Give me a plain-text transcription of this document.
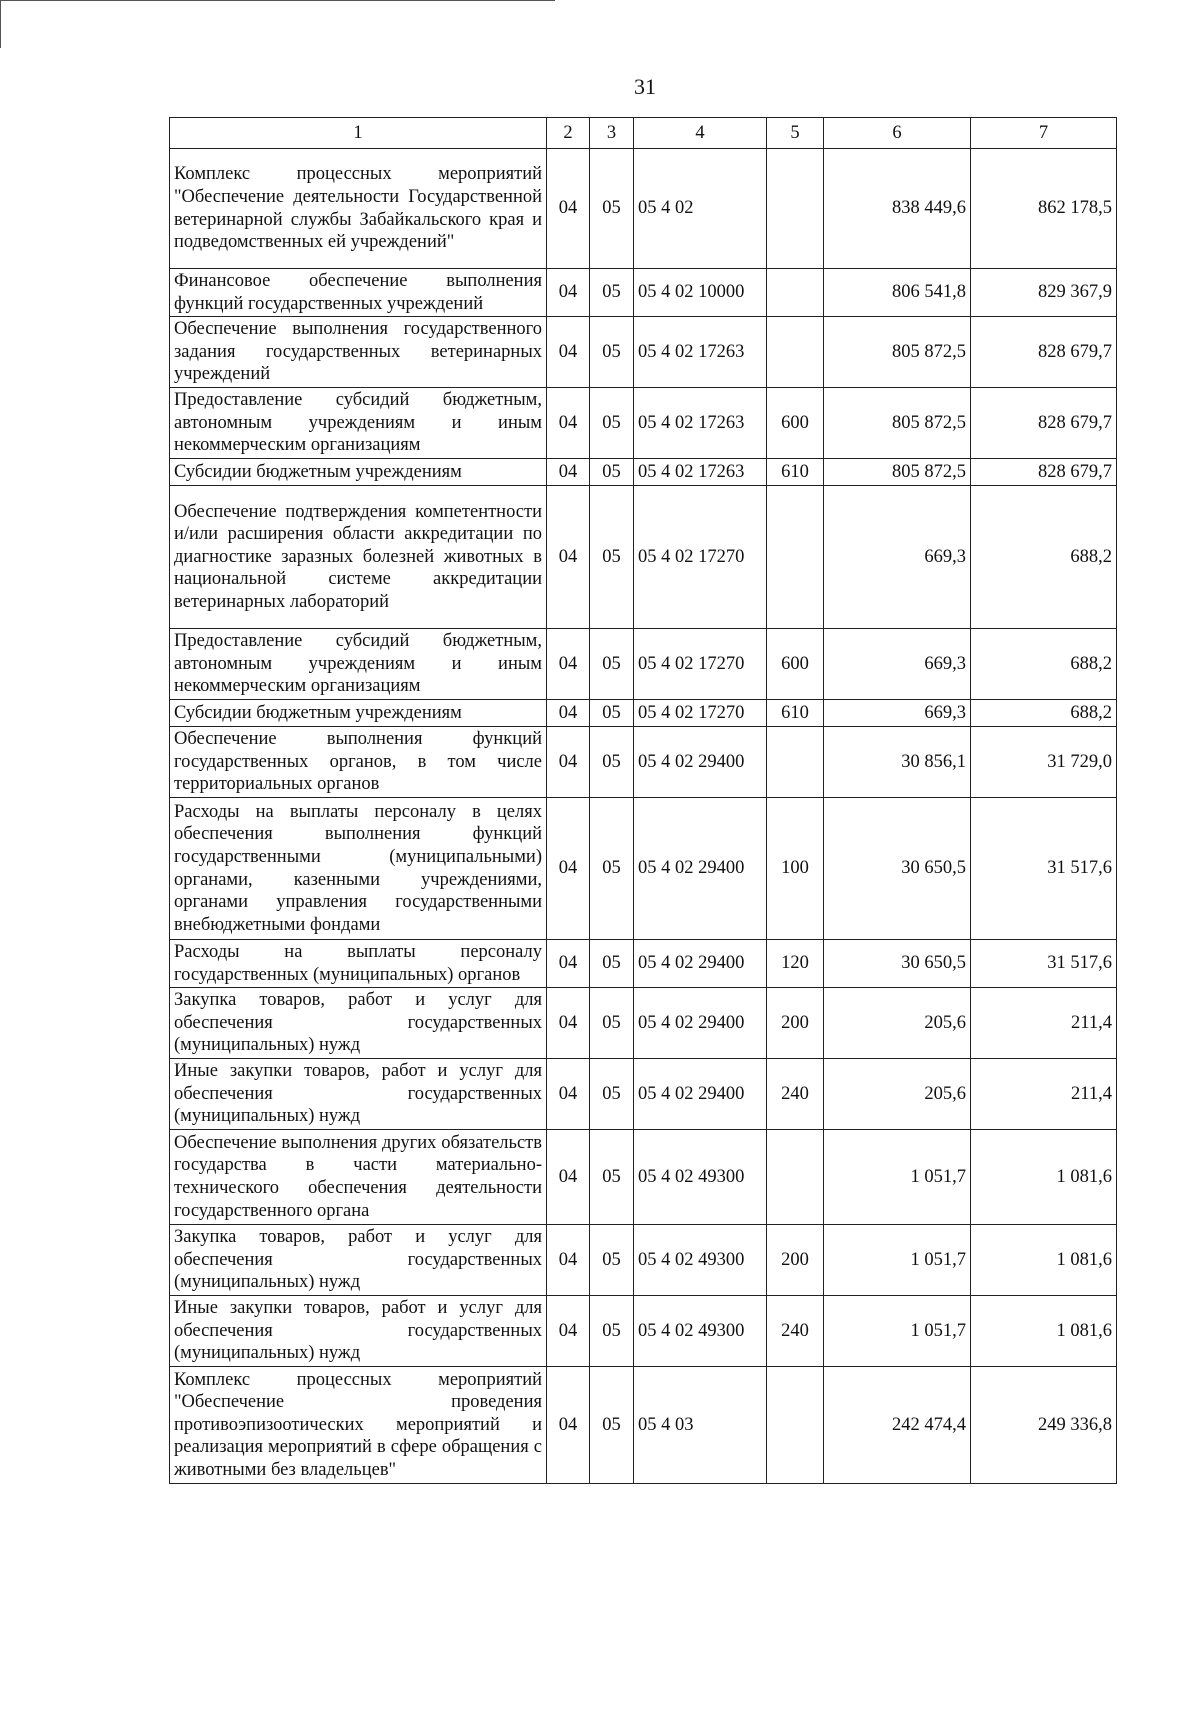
31
1	2	3	4	5	6	7
Комплекс процессных мероприятий "Обеспечение деятельности Государственной ветеринарной службы Забайкальского края и подведомственных ей учреждений"	04	05	05 4 02		838 449,6	862 178,5
Финансовое обеспечение выполнения функций государственных учреждений	04	05	05 4 02 10000		806 541,8	829 367,9
Обеспечение выполнения государственного задания государственных ветеринарных учреждений	04	05	05 4 02 17263		805 872,5	828 679,7
Предоставление субсидий бюджетным, автономным учреждениям и иным некоммерческим организациям	04	05	05 4 02 17263	600	805 872,5	828 679,7
Субсидии бюджетным учреждениям	04	05	05 4 02 17263	610	805 872,5	828 679,7
Обеспечение подтверждения компетентности и/или расширения области аккредитации по диагностике заразных болезней животных в национальной системе аккредитации ветеринарных лабораторий	04	05	05 4 02 17270		669,3	688,2
Предоставление субсидий бюджетным, автономным учреждениям и иным некоммерческим организациям	04	05	05 4 02 17270	600	669,3	688,2
Субсидии бюджетным учреждениям	04	05	05 4 02 17270	610	669,3	688,2
Обеспечение выполнения функций государственных органов, в том числе территориальных органов	04	05	05 4 02 29400		30 856,1	31 729,0
Расходы на выплаты персоналу в целях обеспечения выполнения функций государственными (муниципальными) органами, казенными учреждениями, органами управления государственными внебюджетными фондами	04	05	05 4 02 29400	100	30 650,5	31 517,6
Расходы на выплаты персоналу государственных (муниципальных) органов	04	05	05 4 02 29400	120	30 650,5	31 517,6
Закупка товаров, работ и услуг для обеспечения государственных (муниципальных) нужд	04	05	05 4 02 29400	200	205,6	211,4
Иные закупки товаров, работ и услуг для обеспечения государственных (муниципальных) нужд	04	05	05 4 02 29400	240	205,6	211,4
Обеспечение выполнения других обязательств государства в части материально-технического обеспечения деятельности государственного органа	04	05	05 4 02 49300		1 051,7	1 081,6
Закупка товаров, работ и услуг для обеспечения государственных (муниципальных) нужд	04	05	05 4 02 49300	200	1 051,7	1 081,6
Иные закупки товаров, работ и услуг для обеспечения государственных (муниципальных) нужд	04	05	05 4 02 49300	240	1 051,7	1 081,6
Комплекс процессных мероприятий "Обеспечение проведения противоэпизоотических мероприятий и реализация мероприятий в сфере обращения с животными без владельцев"	04	05	05 4 03		242 474,4	249 336,8
